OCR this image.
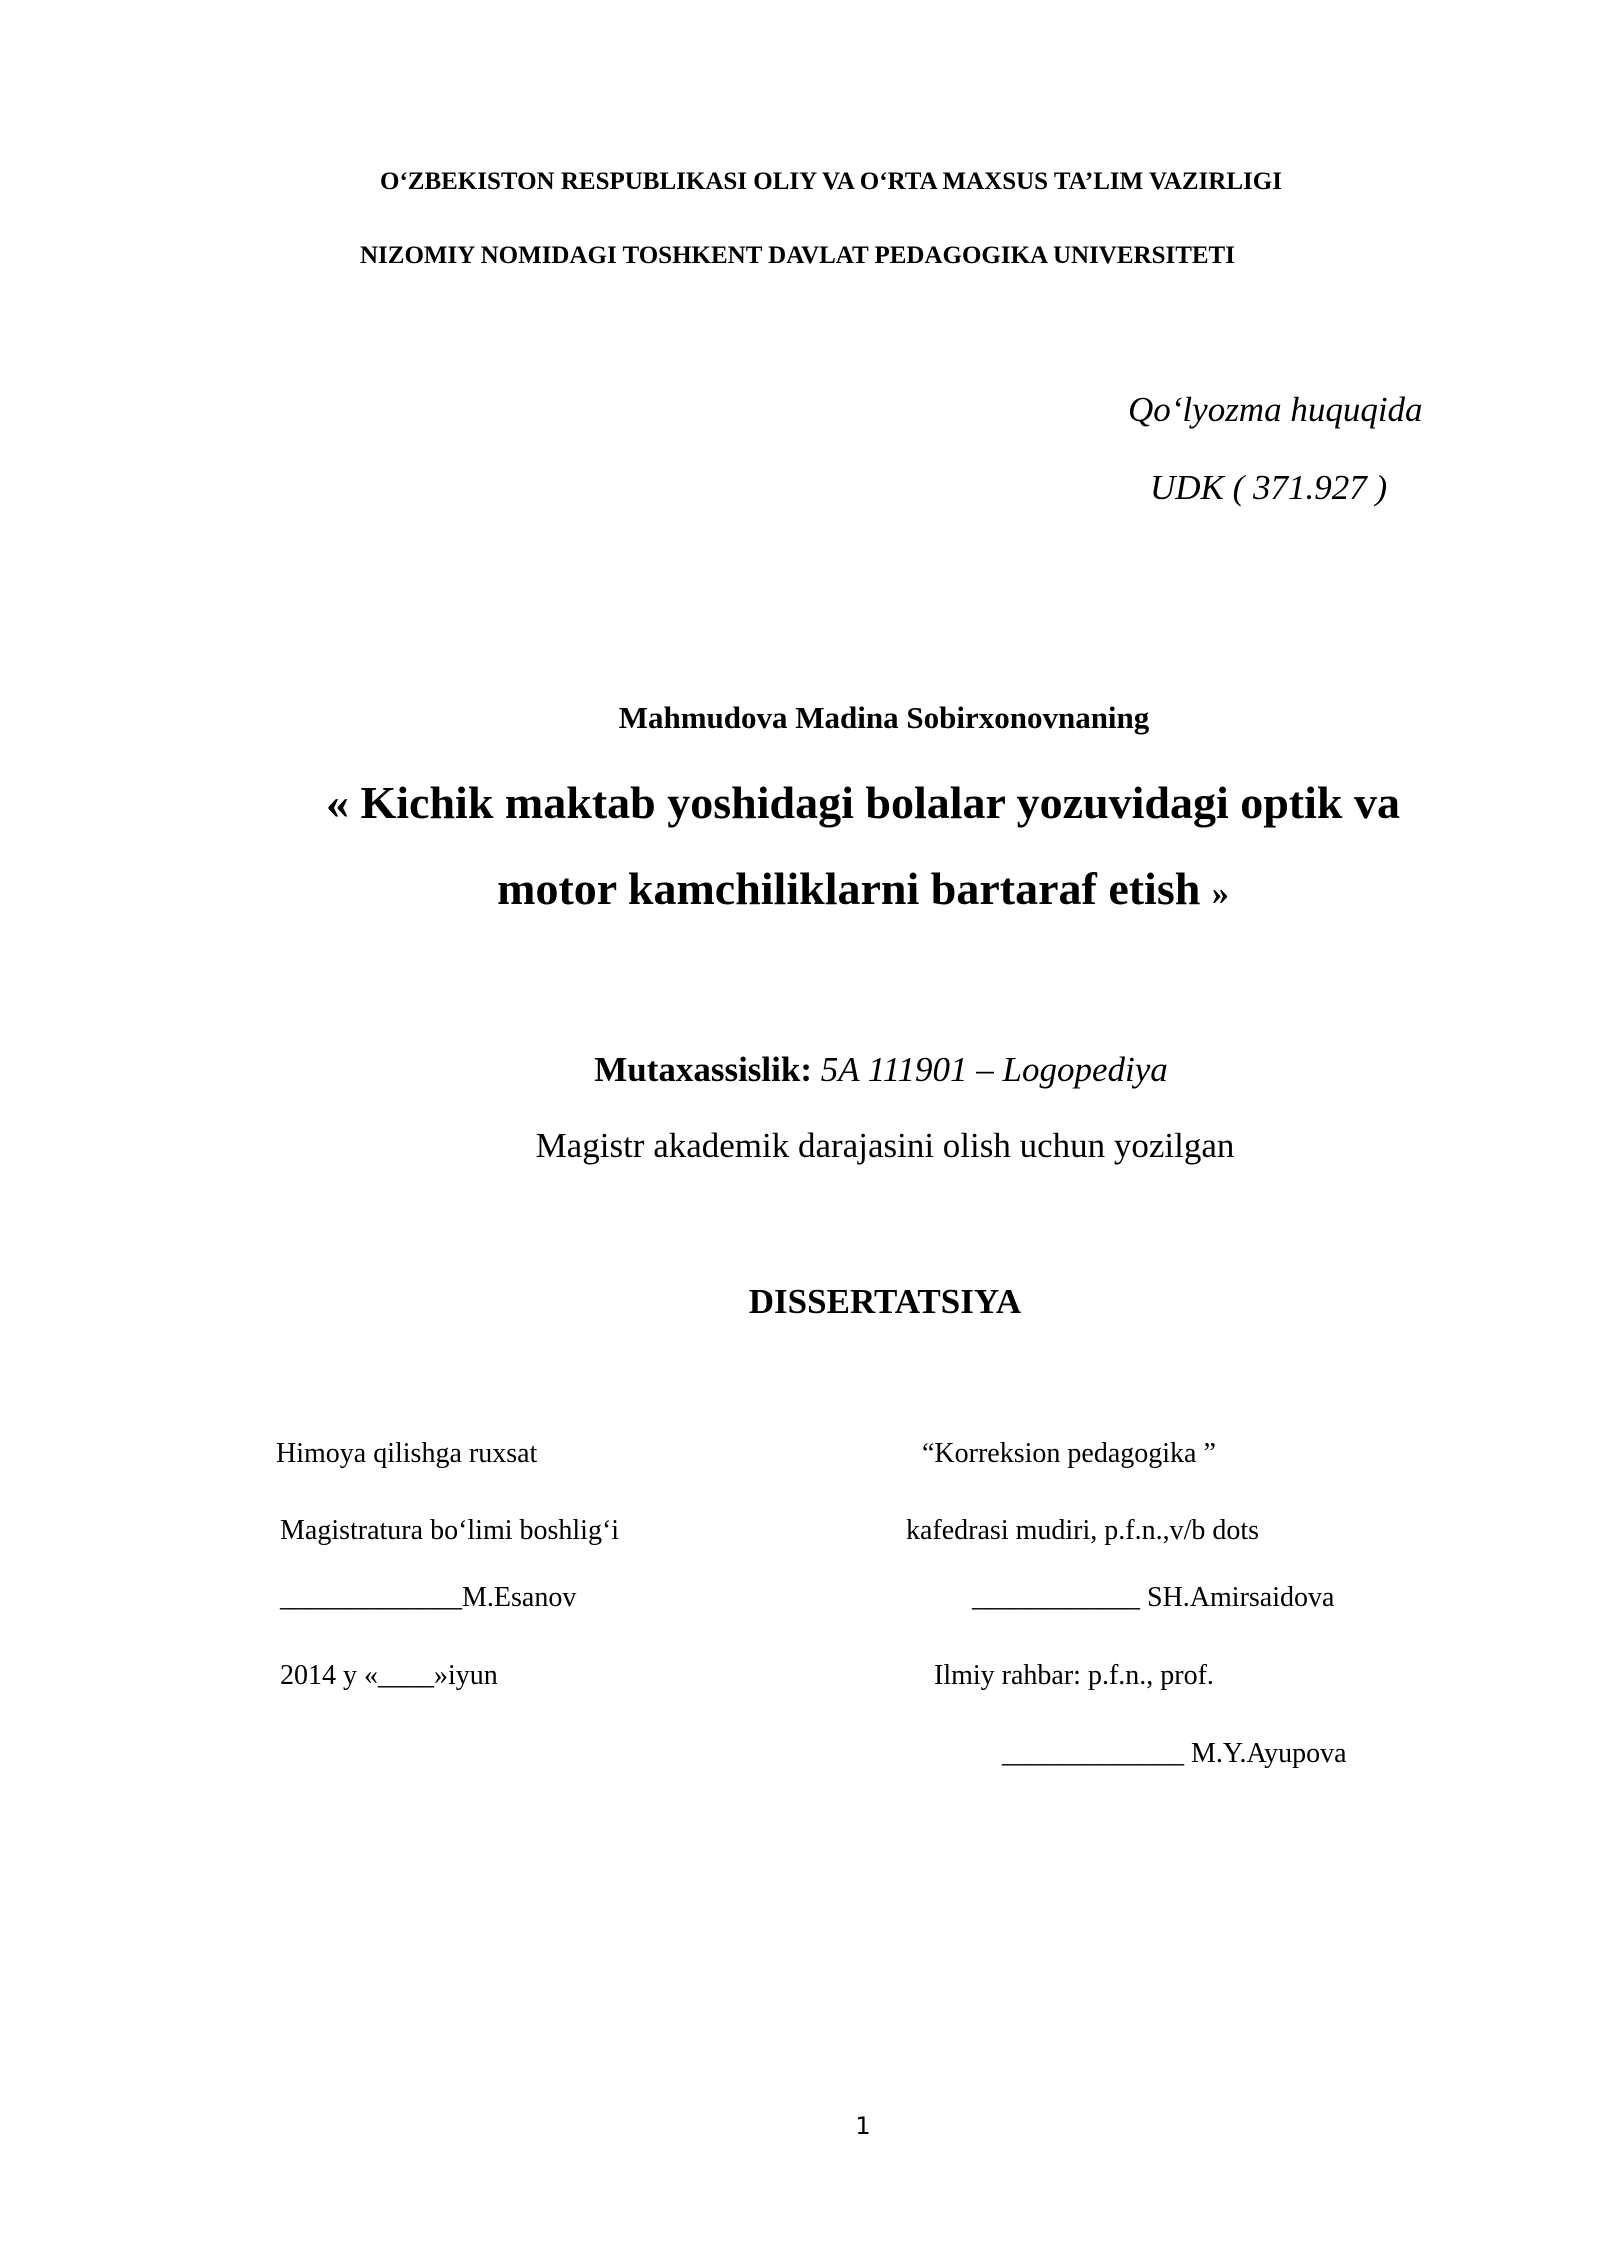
O‘ZBEKISTON RESPUBLIKASI OLIY VA O‘RTA MAXSUS TA’LIM VAZIRLIGI
NIZOMIY NOMIDAGI TOSHKENT DAVLAT PEDAGOGIKA UNIVERSITETI
Qo‘lyozma huquqida
UDK ( 371.927 )
Mahmudova Madina Sobirxonovnaning
« Kichik maktab yoshidagi bolalar yozuvidagi optik va
motor kamchiliklarni bartaraf etish »
Mutaxassislik: 5A 111901 – Logopediya
Magistr akademik darajasini olish uchun yozilgan
DISSERTATSIYA
Himoya qilishga ruxsat
Magistratura bo‘limi boshlig‘i
_____________M.Esanov
2014 y «____»iyun
“Korreksion pedagogika ”
kafedrasi mudiri, p.f.n.,v/b dots
____________ SH.Amirsaidova
Ilmiy rahbar: p.f.n., prof.
_____________ M.Y.Ayupova
1
